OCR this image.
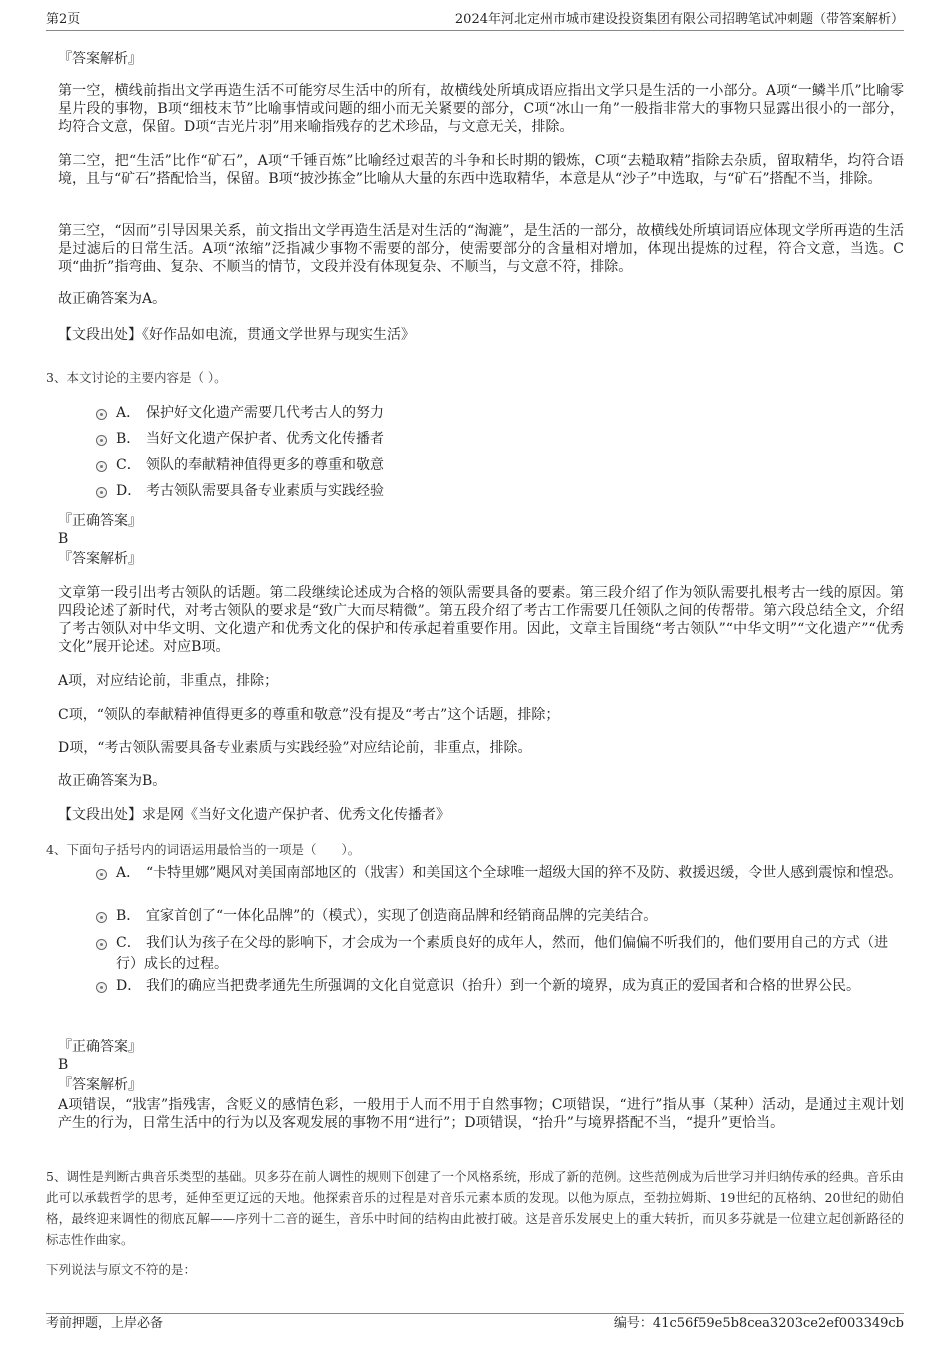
第2页	2024年河北定州市城市建设投资集团有限公司招聘笔试冲刺题（带答案解析）
『答案解析』

第一空，横线前指出文学再造生活不可能穷尽生活中的所有，故横线处所填成语应指出文学只是生活的一小部分。A项“一鳞半爪”比喻零星片段的事物，B项“细枝末节”比喻事情或问题的细小而无关紧要的部分，C项“冰山一角”一般指非常大的事物只显露出很小的一部分，均符合文意，保留。D项“吉光片羽”用来喻指残存的艺术珍品，与文意无关，排除。

第二空，把“生活”比作“矿石”，A项“千锤百炼”比喻经过艰苦的斗争和长时期的锻炼，C项“去糙取精”指除去杂质，留取精华，均符合语境，且与“矿石”搭配恰当，保留。B项“披沙拣金”比喻从大量的东西中选取精华，本意是从“沙子”中选取，与“矿石”搭配不当，排除。

第三空，“因而”引导因果关系，前文指出文学再造生活是对生活的“淘漉”，是生活的一部分，故横线处所填词语应体现文学所再造的生活是过滤后的日常生活。A项“浓缩”泛指减少事物不需要的部分，使需要部分的含量相对增加，体现出提炼的过程，符合文意，当选。C项“曲折”指弯曲、复杂、不顺当的情节，文段并没有体现复杂、不顺当，与文意不符，排除。

故正确答案为A。

【文段出处】《好作品如电流，贯通文学世界与现实生活》

3、本文讨论的主要内容是（ ）。
A． 保护好文化遗产需要几代考古人的努力
B． 当好文化遗产保护者、优秀文化传播者
C． 领队的奉献精神值得更多的尊重和敬意
D． 考古领队需要具备专业素质与实践经验
『正确答案』
B
『答案解析』

文章第一段引出考古领队的话题。第二段继续论述成为合格的领队需要具备的要素。第三段介绍了作为领队需要扎根考古一线的原因。第四段论述了新时代，对考古领队的要求是“致广大而尽精微”。第五段介绍了考古工作需要几任领队之间的传帮带。第六段总结全文，介绍了考古领队对中华文明、文化遗产和优秀文化的保护和传承起着重要作用。因此，文章主旨围绕“考古领队”“中华文明”“文化遗产”“优秀文化”展开论述。对应B项。

A项，对应结论前，非重点，排除；

C项，“领队的奉献精神值得更多的尊重和敬意”没有提及“考古”这个话题，排除；

D项，“考古领队需要具备专业素质与实践经验”对应结论前，非重点，排除。

故正确答案为B。

【文段出处】求是网《当好文化遗产保护者、优秀文化传播者》

4、下面句子括号内的词语运用最恰当的一项是（　　）。
A． “卡特里娜”飓风对美国南部地区的（戕害）和美国这个全球唯一超级大国的猝不及防、救援迟缓，令世人感到震惊和惶恐。
B． 宜家首创了“一体化品牌”的（模式），实现了创造商品牌和经销商品牌的完美结合。
C． 我们认为孩子在父母的影响下，才会成为一个素质良好的成年人，然而，他们偏偏不听我们的，他们要用自己的方式（进行）成长的过程。
D． 我们的确应当把费孝通先生所强调的文化自觉意识（抬升）到一个新的境界，成为真正的爱国者和合格的世界公民。
『正确答案』
B
『答案解析』

A项错误，“戕害”指残害，含贬义的感情色彩，一般用于人而不用于自然事物；C项错误，“进行”指从事（某种）活动，是通过主观计划产生的行为，日常生活中的行为以及客观发展的事物不用“进行”；D项错误，“抬升”与境界搭配不当，“提升”更恰当。

5、调性是判断古典音乐类型的基础。贝多芬在前人调性的规则下创建了一个风格系统，形成了新的范例。这些范例成为后世学习并归纳传承的经典。音乐由此可以承载哲学的思考，延伸至更辽远的天地。他探索音乐的过程是对音乐元素本质的发现。以他为原点，至勃拉姆斯、19世纪的瓦格纳、20世纪的勋伯格，最终迎来调性的彻底瓦解——序列十二音的诞生，音乐中时间的结构由此被打破。这是音乐发展史上的重大转折，而贝多芬就是一位建立起创新路径的标志性作曲家。
下列说法与原文不符的是：
考前押题，上岸必备	编号：41c56f59e5b8cea3203ce2ef003349cb
